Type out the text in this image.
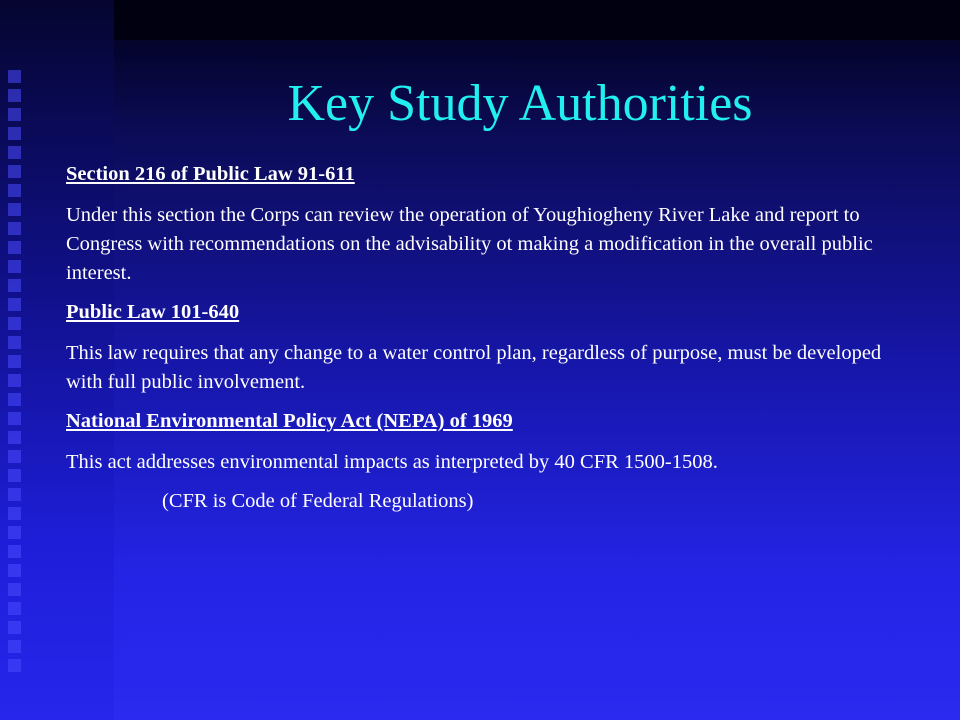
Key Study Authorities

Section 216 of Public Law 91-611

Under this section the Corps can review the operation of Youghiogheny River Lake and report to Congress with recommendations on the advisability ot making a modification in the overall public interest.

Public Law 101-640

This law requires that any change to a water control plan, regardless of purpose, must be developed with full public involvement.

National Environmental Policy Act (NEPA) of 1969

This act addresses environmental impacts as interpreted by 40 CFR 1500-1508.

(CFR is Code of Federal Regulations)
